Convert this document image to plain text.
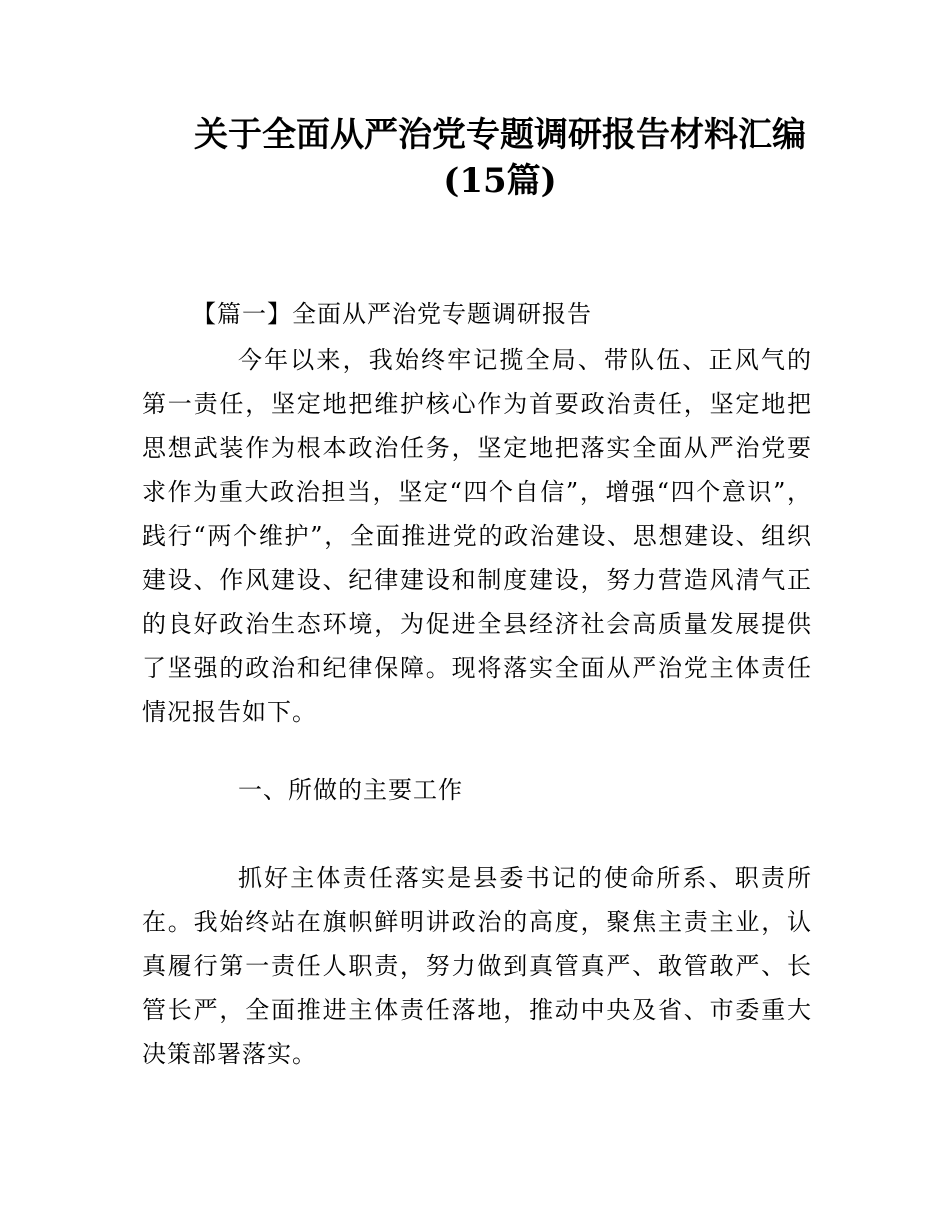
关于全面从严治党专题调研报告材料汇编
(15篇)

【篇一】全面从严治党专题调研报告

今年以来，我始终牢记揽全局、带队伍、正风气的第一责任，坚定地把维护核心作为首要政治责任，坚定地把思想武装作为根本政治任务，坚定地把落实全面从严治党要求作为重大政治担当，坚定“四个自信”，增强“四个意识”，践行“两个维护”，全面推进党的政治建设、思想建设、组织建设、作风建设、纪律建设和制度建设，努力营造风清气正的良好政治生态环境，为促进全县经济社会高质量发展提供了坚强的政治和纪律保障。现将落实全面从严治党主体责任情况报告如下。

一、所做的主要工作

抓好主体责任落实是县委书记的使命所系、职责所在。我始终站在旗帜鲜明讲政治的高度，聚焦主责主业，认真履行第一责任人职责，努力做到真管真严、敢管敢严、长管长严，全面推进主体责任落地，推动中央及省、市委重大决策部署落实。
